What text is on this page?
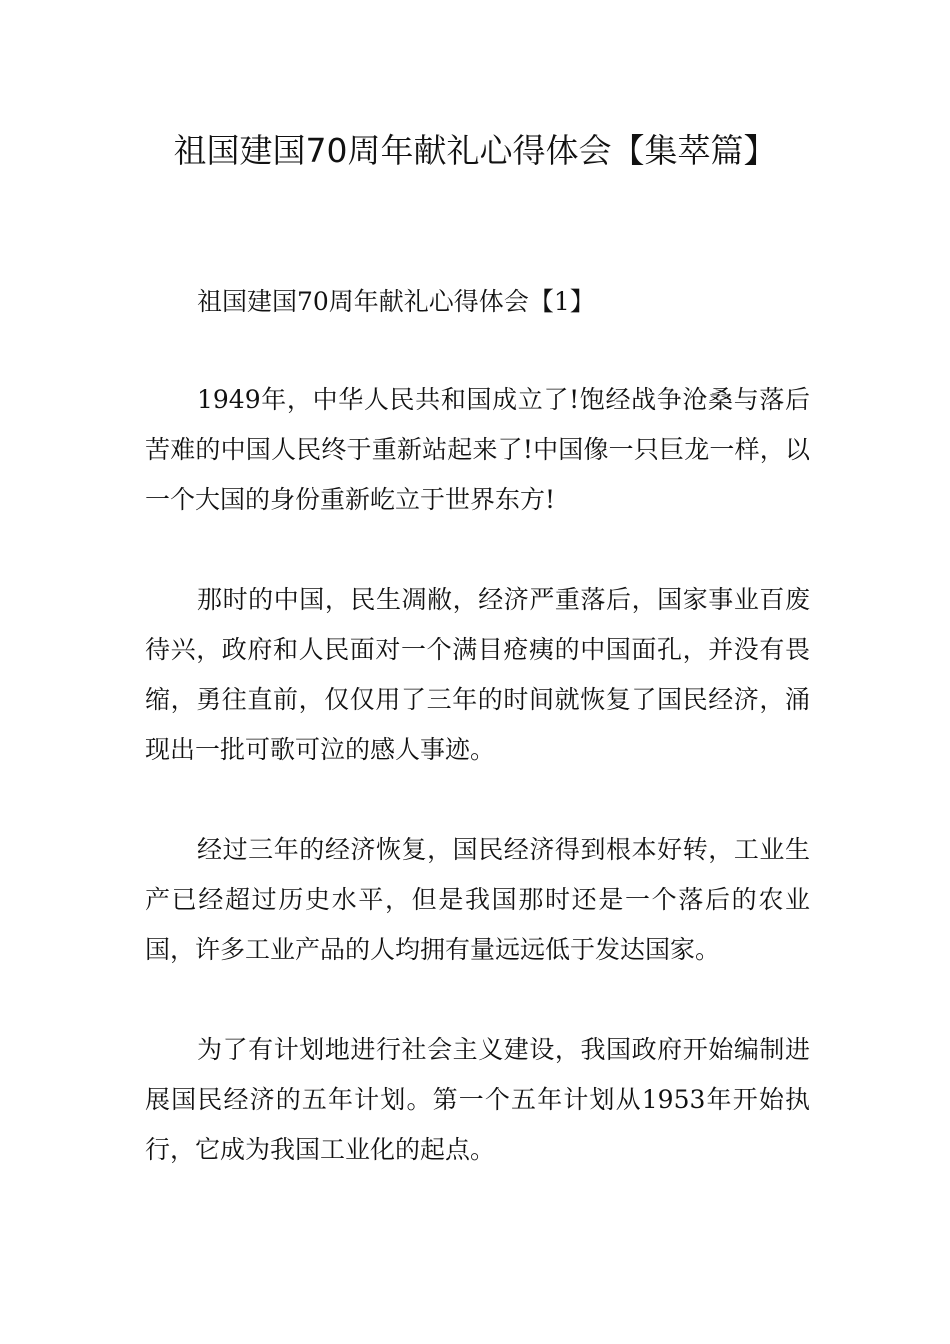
祖国建国70周年献礼心得体会【集萃篇】

祖国建国70周年献礼心得体会【1】

1949年，中华人民共和国成立了!饱经战争沧桑与落后苦难的中国人民终于重新站起来了!中国像一只巨龙一样，以一个大国的身份重新屹立于世界东方!

那时的中国，民生凋敝，经济严重落后，国家事业百废待兴，政府和人民面对一个满目疮痍的中国面孔，并没有畏缩，勇往直前，仅仅用了三年的时间就恢复了国民经济，涌现出一批可歌可泣的感人事迹。

经过三年的经济恢复，国民经济得到根本好转，工业生产已经超过历史水平，但是我国那时还是一个落后的农业国，许多工业产品的人均拥有量远远低于发达国家。

为了有计划地进行社会主义建设，我国政府开始编制进展国民经济的五年计划。第一个五年计划从1953年开始执行，它成为我国工业化的起点。
